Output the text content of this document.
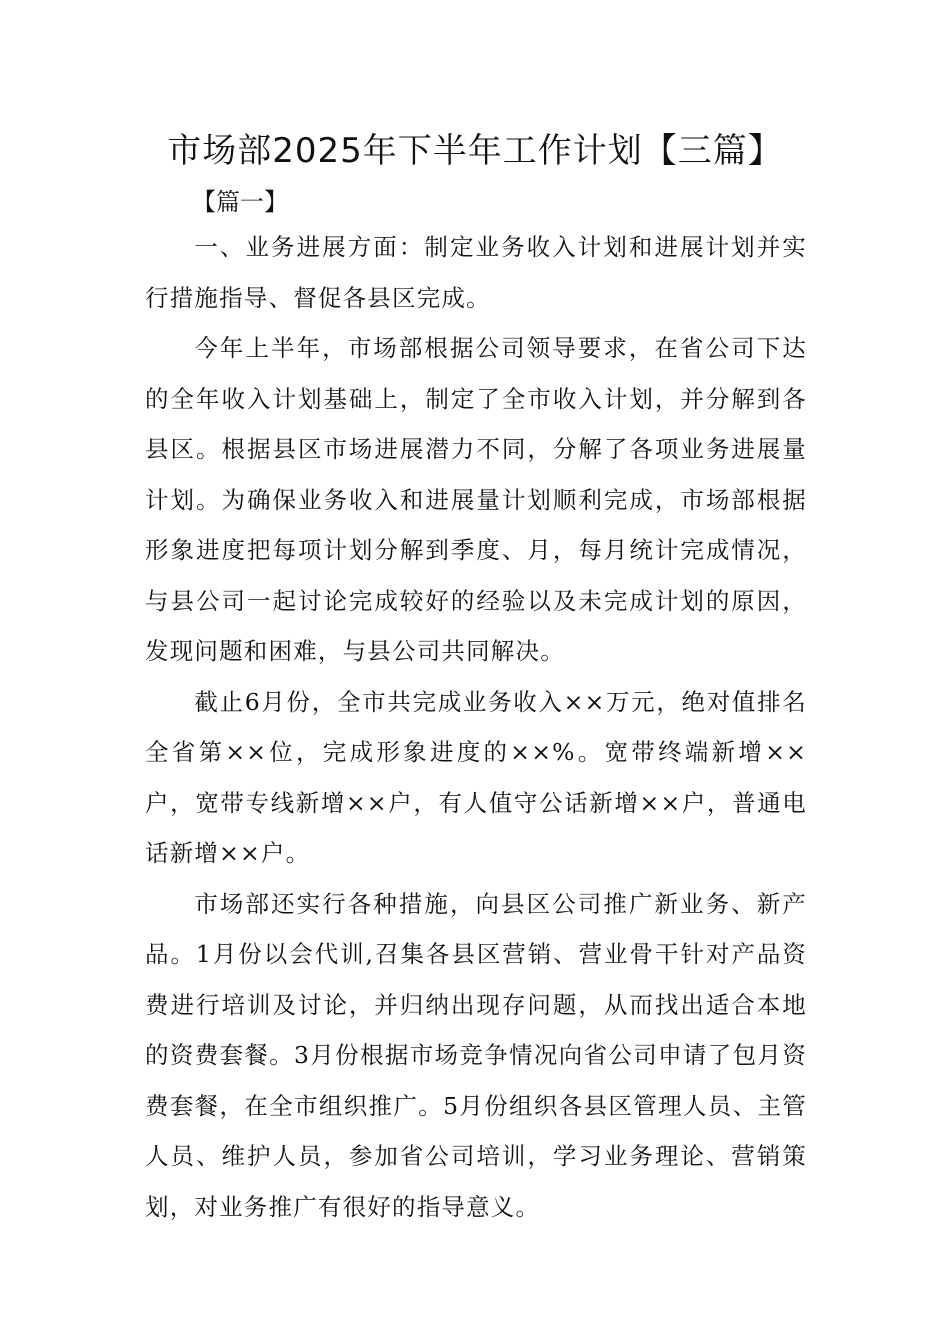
市场部2025年下半年工作计划【三篇】
【篇一】

一、业务进展方面：制定业务收入计划和进展计划并实行措施指导、督促各县区完成。

今年上半年，市场部根据公司领导要求，在省公司下达的全年收入计划基础上，制定了全市收入计划，并分解到各县区。根据县区市场进展潜力不同，分解了各项业务进展量计划。为确保业务收入和进展量计划顺利完成，市场部根据形象进度把每项计划分解到季度、月，每月统计完成情况，与县公司一起讨论完成较好的经验以及未完成计划的原因，发现问题和困难，与县公司共同解决。

截止6月份，全市共完成业务收入××万元，绝对值排名全省第××位，完成形象进度的××%。宽带终端新增××户，宽带专线新增××户，有人值守公话新增××户，普通电话新增××户。

市场部还实行各种措施，向县区公司推广新业务、新产品。1月份以会代训,召集各县区营销、营业骨干针对产品资费进行培训及讨论，并归纳出现存问题，从而找出适合本地的资费套餐。3月份根据市场竞争情况向省公司申请了包月资费套餐，在全市组织推广。5月份组织各县区管理人员、主管人员、维护人员，参加省公司培训，学习业务理论、营销策划，对业务推广有很好的指导意义。
